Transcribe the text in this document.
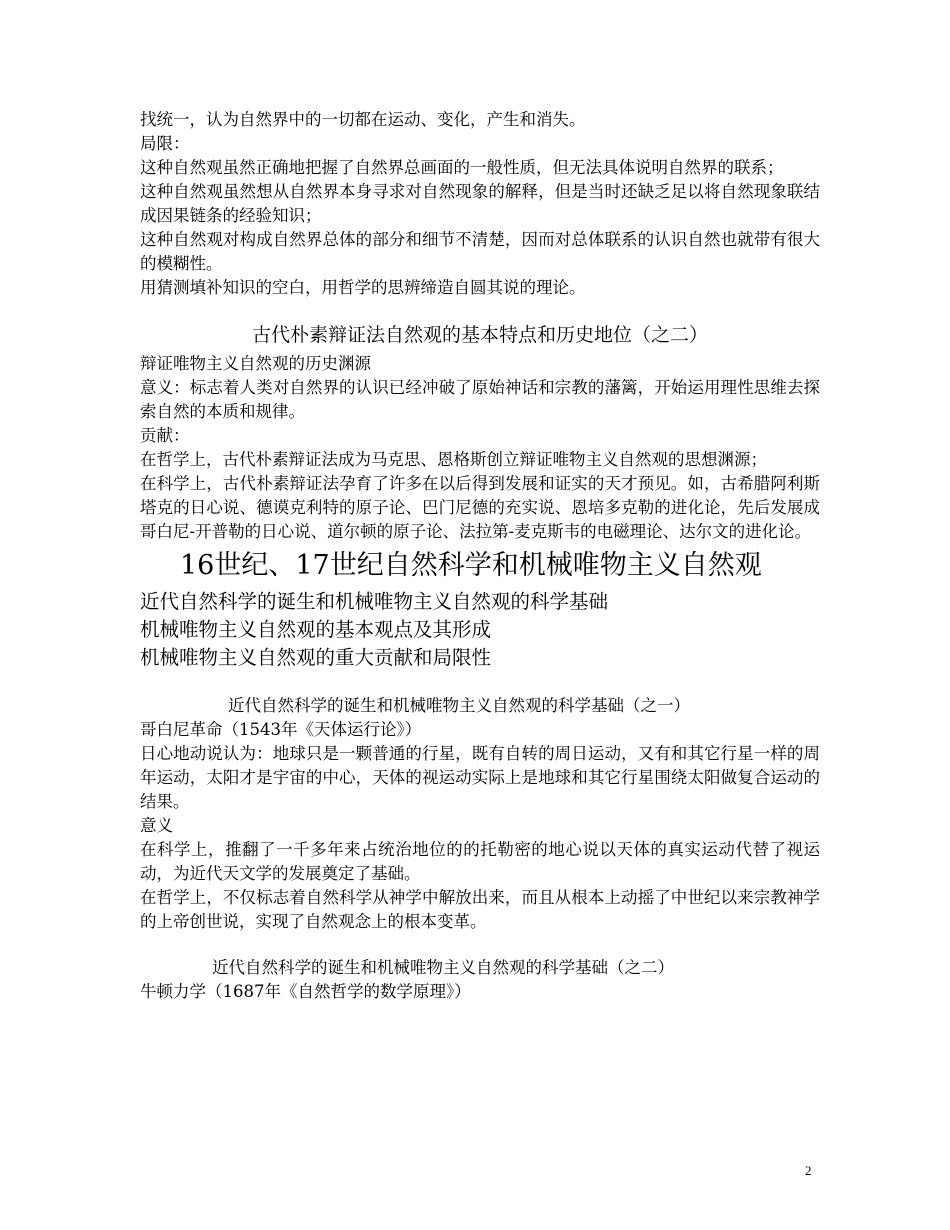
找统一，认为自然界中的一切都在运动、变化，产生和消失。

局限：

这种自然观虽然正确地把握了自然界总画面的一般性质，但无法具体说明自然界的联系；

这种自然观虽然想从自然界本身寻求对自然现象的解释，但是当时还缺乏足以将自然现象联结成因果链条的经验知识；

这种自然观对构成自然界总体的部分和细节不清楚，因而对总体联系的认识自然也就带有很大的模糊性。

用猜测填补知识的空白，用哲学的思辨缔造自圆其说的理论。

古代朴素辩证法自然观的基本特点和历史地位（之二）

辩证唯物主义自然观的历史渊源

意义：标志着人类对自然界的认识已经冲破了原始神话和宗教的藩篱，开始运用理性思维去探索自然的本质和规律。

贡献：

在哲学上，古代朴素辩证法成为马克思、恩格斯创立辩证唯物主义自然观的思想渊源；

在科学上，古代朴素辩证法孕育了许多在以后得到发展和证实的天才预见。如，古希腊阿利斯塔克的日心说、德谟克利特的原子论、巴门尼德的充实说、恩培多克勒的进化论，先后发展成哥白尼-开普勒的日心说、道尔顿的原子论、法拉第-麦克斯韦的电磁理论、达尔文的进化论。

16世纪、17世纪自然科学和机械唯物主义自然观
近代自然科学的诞生和机械唯物主义自然观的科学基础
机械唯物主义自然观的基本观点及其形成
机械唯物主义自然观的重大贡献和局限性
近代自然科学的诞生和机械唯物主义自然观的科学基础（之一）

哥白尼革命（1543年《天体运行论》）

日心地动说认为：地球只是一颗普通的行星，既有自转的周日运动，又有和其它行星一样的周年运动，太阳才是宇宙的中心，天体的视运动实际上是地球和其它行星围绕太阳做复合运动的结果。

意义

在科学上，推翻了一千多年来占统治地位的的托勒密的地心说以天体的真实运动代替了视运动，为近代天文学的发展奠定了基础。

在哲学上，不仅标志着自然科学从神学中解放出来，而且从根本上动摇了中世纪以来宗教神学的上帝创世说，实现了自然观念上的根本变革。

近代自然科学的诞生和机械唯物主义自然观的科学基础（之二）

牛顿力学（1687年《自然哲学的数学原理》）

2
